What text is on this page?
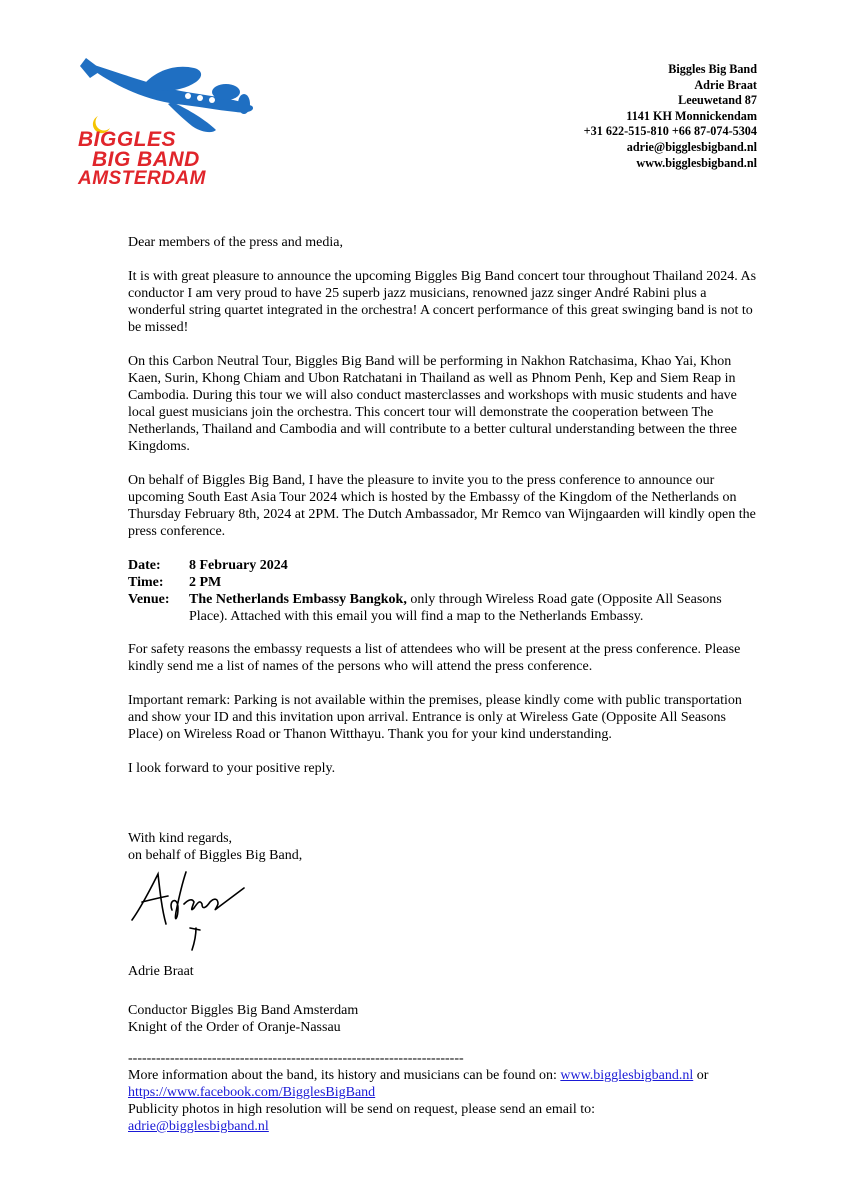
BIGGLES
BIG BAND
AMSTERDAM
Biggles Big Band
Adrie Braat
Leeuwetand 87
1141 KH Monnickendam
+31 622-515-810 +66 87-074-5304
adrie@bigglesbigband.nl
www.bigglesbigband.nl

Dear members of the press and media,

It is with great pleasure to announce the upcoming Biggles Big Band concert tour throughout Thailand 2024. As conductor I am very proud to have 25 superb jazz musicians, renowned jazz singer André Rabini plus a wonderful string quartet integrated in the orchestra! A concert performance of this great swinging band is not to be missed!

On this Carbon Neutral Tour, Biggles Big Band will be performing in Nakhon Ratchasima, Khao Yai, Khon Kaen, Surin, Khong Chiam and Ubon Ratchatani in Thailand as well as Phnom Penh, Kep and Siem Reap in Cambodia. During this tour we will also conduct masterclasses and workshops with music students and have local guest musicians join the orchestra. This concert tour will demonstrate the cooperation between The Netherlands, Thailand and Cambodia and will contribute to a better cultural understanding between the three Kingdoms.

On behalf of Biggles Big Band, I have the pleasure to invite you to the press conference to announce our upcoming South East Asia Tour 2024 which is hosted by the Embassy of the Kingdom of the Netherlands on Thursday February 8th, 2024 at 2PM. The Dutch Ambassador, Mr Remco van Wijngaarden will kindly open the press conference.

Date:	8 February 2024
Time:	2 PM
Venue:	The Netherlands Embassy Bangkok, only through Wireless Road gate (Opposite All Seasons Place). Attached with this email you will find a map to the Netherlands Embassy.

For safety reasons the embassy requests a list of attendees who will be present at the press conference. Please kindly send me a list of names of the persons who will attend the press conference.

Important remark: Parking is not available within the premises, please kindly come with public transportation and show your ID and this invitation upon arrival. Entrance is only at Wireless Gate (Opposite All Seasons Place) on Wireless Road or Thanon Witthayu. Thank you for your kind understanding.

I look forward to your positive reply.

With kind regards,
on behalf of Biggles Big Band,
Adrie Braat
Conductor Biggles Big Band Amsterdam
Knight of the Order of Oranje-Nassau
------------------------------------------------------------------------
More information about the band, its history and musicians can be found on: www.bigglesbigband.nl or
https://www.facebook.com/BigglesBigBand
Publicity photos in high resolution will be send on request, please send an email to:
adrie@bigglesbigband.nl
